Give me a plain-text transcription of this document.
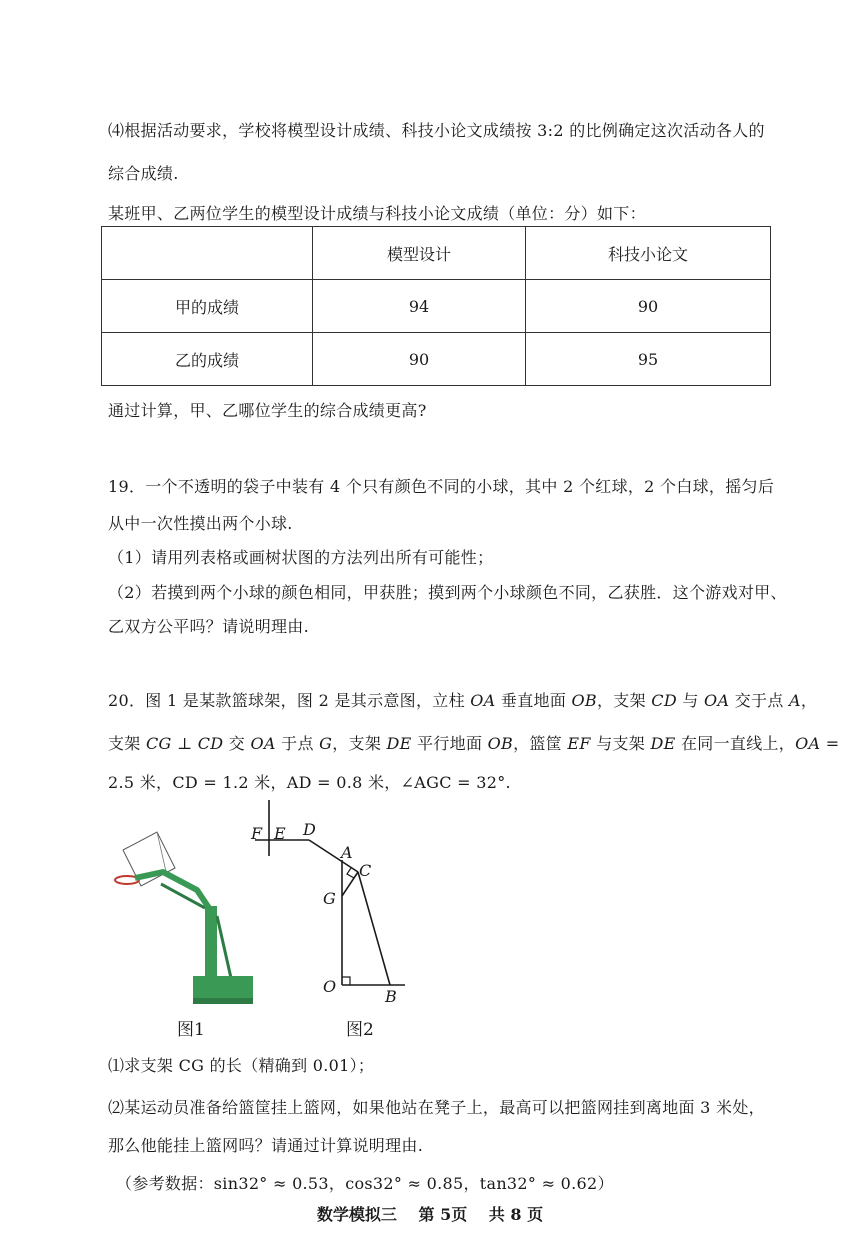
⑷根据活动要求，学校将模型设计成绩、科技小论文成绩按 3:2 的比例确定这次活动各人的
综合成绩.
某班甲、乙两位学生的模型设计成绩与科技小论文成绩（单位：分）如下：
	模型设计	科技小论文
甲的成绩	94	90
乙的成绩	90	95
通过计算，甲、乙哪位学生的综合成绩更高?
19．一个不透明的袋子中装有 4 个只有颜色不同的小球，其中 2 个红球，2 个白球，摇匀后
从中一次性摸出两个小球.
（1）请用列表格或画树状图的方法列出所有可能性；
（2）若摸到两个小球的颜色相同，甲获胜；摸到两个小球颜色不同，乙获胜．这个游戏对甲、
乙双方公平吗？请说明理由.
20．图 1 是某款篮球架，图 2 是其示意图，立柱 OA 垂直地面 OB，支架 CD 与 OA 交于点 A，
支架 CG ⊥ CD 交 OA 于点 G，支架 DE 平行地面 OB，篮筐 EF 与支架 DE 在同一直线上，OA =
2.5 米，CD = 1.2 米，AD = 0.8 米，∠AGC = 32°.
图1
F E D
A
C
G
O
B
图2
⑴求支架 CG 的长（精确到 0.01）；
⑵某运动员准备给篮筐挂上篮网，如果他站在凳子上，最高可以把篮网挂到离地面 3 米处，
那么他能挂上篮网吗？请通过计算说明理由.
（参考数据：sin32° ≈ 0.53，cos32° ≈ 0.85，tan32° ≈ 0.62）
数学模拟三 第 5页 共 8 页
